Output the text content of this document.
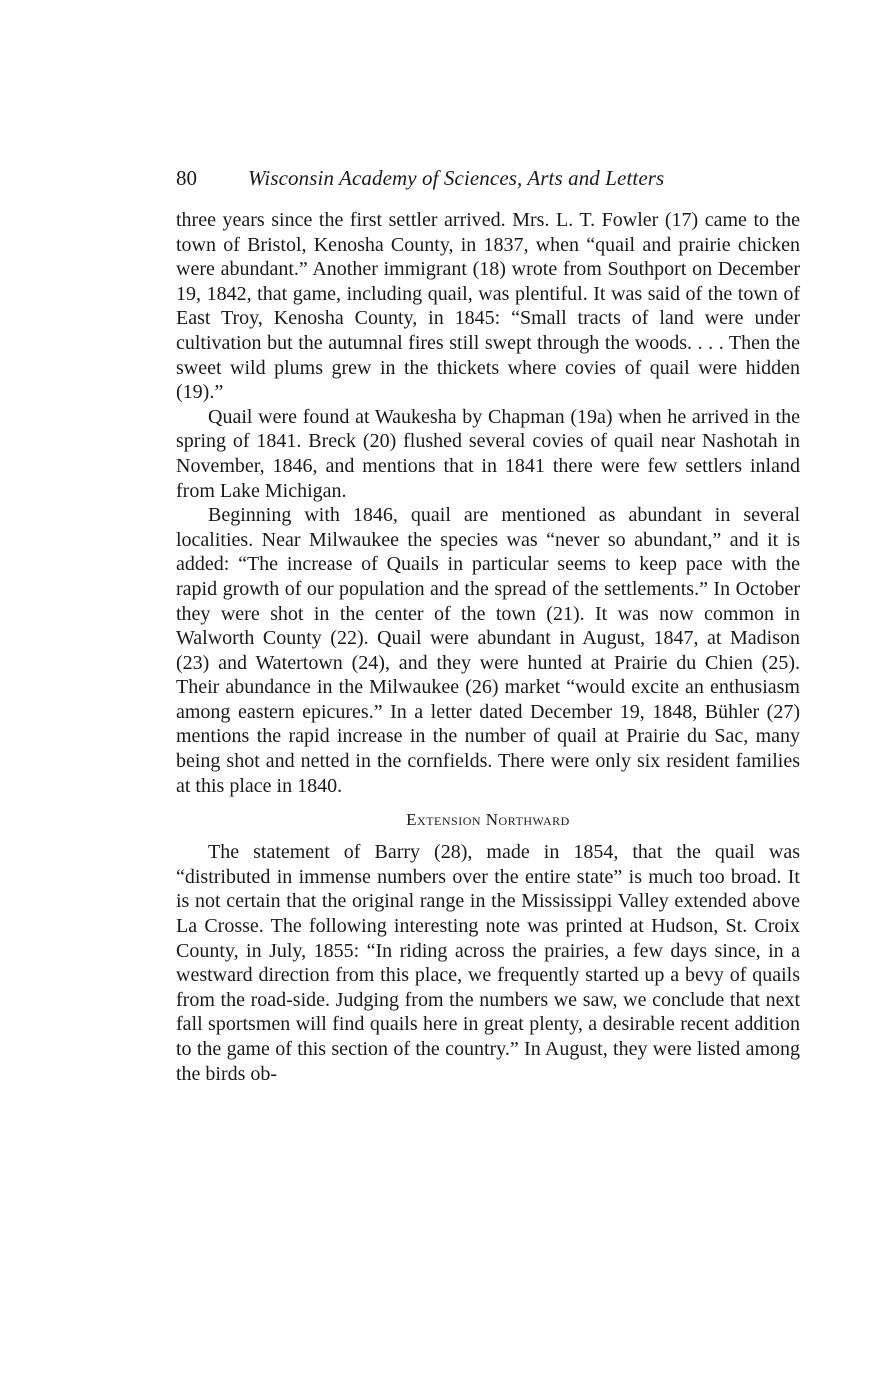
80	Wisconsin Academy of Sciences, Arts and Letters

three years since the first settler arrived. Mrs. L. T. Fowler (17) came to the town of Bristol, Kenosha County, in 1837, when “quail and prairie chicken were abundant.” Another immigrant (18) wrote from Southport on December 19, 1842, that game, including quail, was plentiful. It was said of the town of East Troy, Kenosha County, in 1845: “Small tracts of land were under cultivation but the autumnal fires still swept through the woods. . . . Then the sweet wild plums grew in the thickets where covies of quail were hidden (19).”

Quail were found at Waukesha by Chapman (19a) when he arrived in the spring of 1841. Breck (20) flushed several covies of quail near Nashotah in November, 1846, and mentions that in 1841 there were few settlers inland from Lake Michigan.

Beginning with 1846, quail are mentioned as abundant in several localities. Near Milwaukee the species was “never so abundant,” and it is added: “The increase of Quails in particular seems to keep pace with the rapid growth of our population and the spread of the settlements.” In October they were shot in the center of the town (21). It was now common in Walworth County (22). Quail were abundant in August, 1847, at Madison (23) and Watertown (24), and they were hunted at Prairie du Chien (25). Their abundance in the Milwaukee (26) market “would excite an enthusiasm among eastern epicures.” In a letter dated December 19, 1848, Bühler (27) mentions the rapid increase in the number of quail at Prairie du Sac, many being shot and netted in the cornfields. There were only six resident families at this place in 1840.

Extension Northward

The statement of Barry (28), made in 1854, that the quail was “distributed in immense numbers over the entire state” is much too broad. It is not certain that the original range in the Mississippi Valley extended above La Crosse. The following interesting note was printed at Hudson, St. Croix County, in July, 1855: “In riding across the prairies, a few days since, in a westward direction from this place, we frequently started up a bevy of quails from the road-side. Judging from the numbers we saw, we conclude that next fall sportsmen will find quails here in great plenty, a desirable recent addition to the game of this section of the country.” In August, they were listed among the birds ob-
